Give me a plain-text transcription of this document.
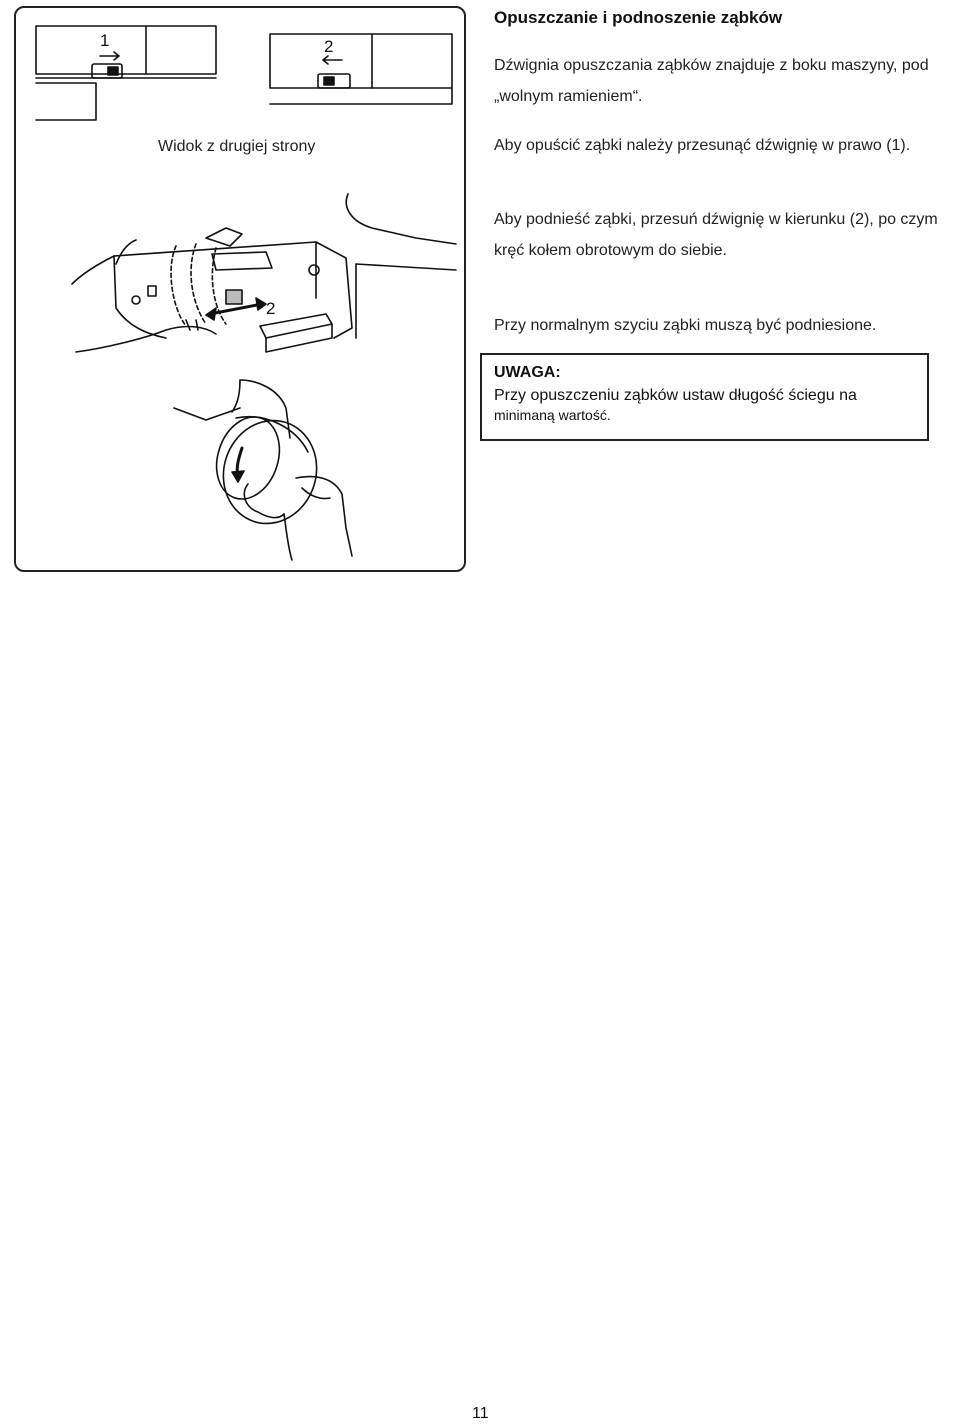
1	2
2
Widok z drugiej strony
Opuszczanie i podnoszenie ząbków

Dźwignia opuszczania ząbków znajduje z boku maszyny, pod „wolnym ramieniem“.

Aby opuścić ząbki należy przesunąć dźwignię w prawo (1).

Aby podnieść ząbki, przesuń dźwignię w kierunku (2), po czym kręć kołem obrotowym do siebie.

Przy normalnym szyciu ząbki muszą być podniesione.

UWAGA:

Przy opuszczeniu ząbków ustaw długość ściegu na

minimaną wartość.

11
